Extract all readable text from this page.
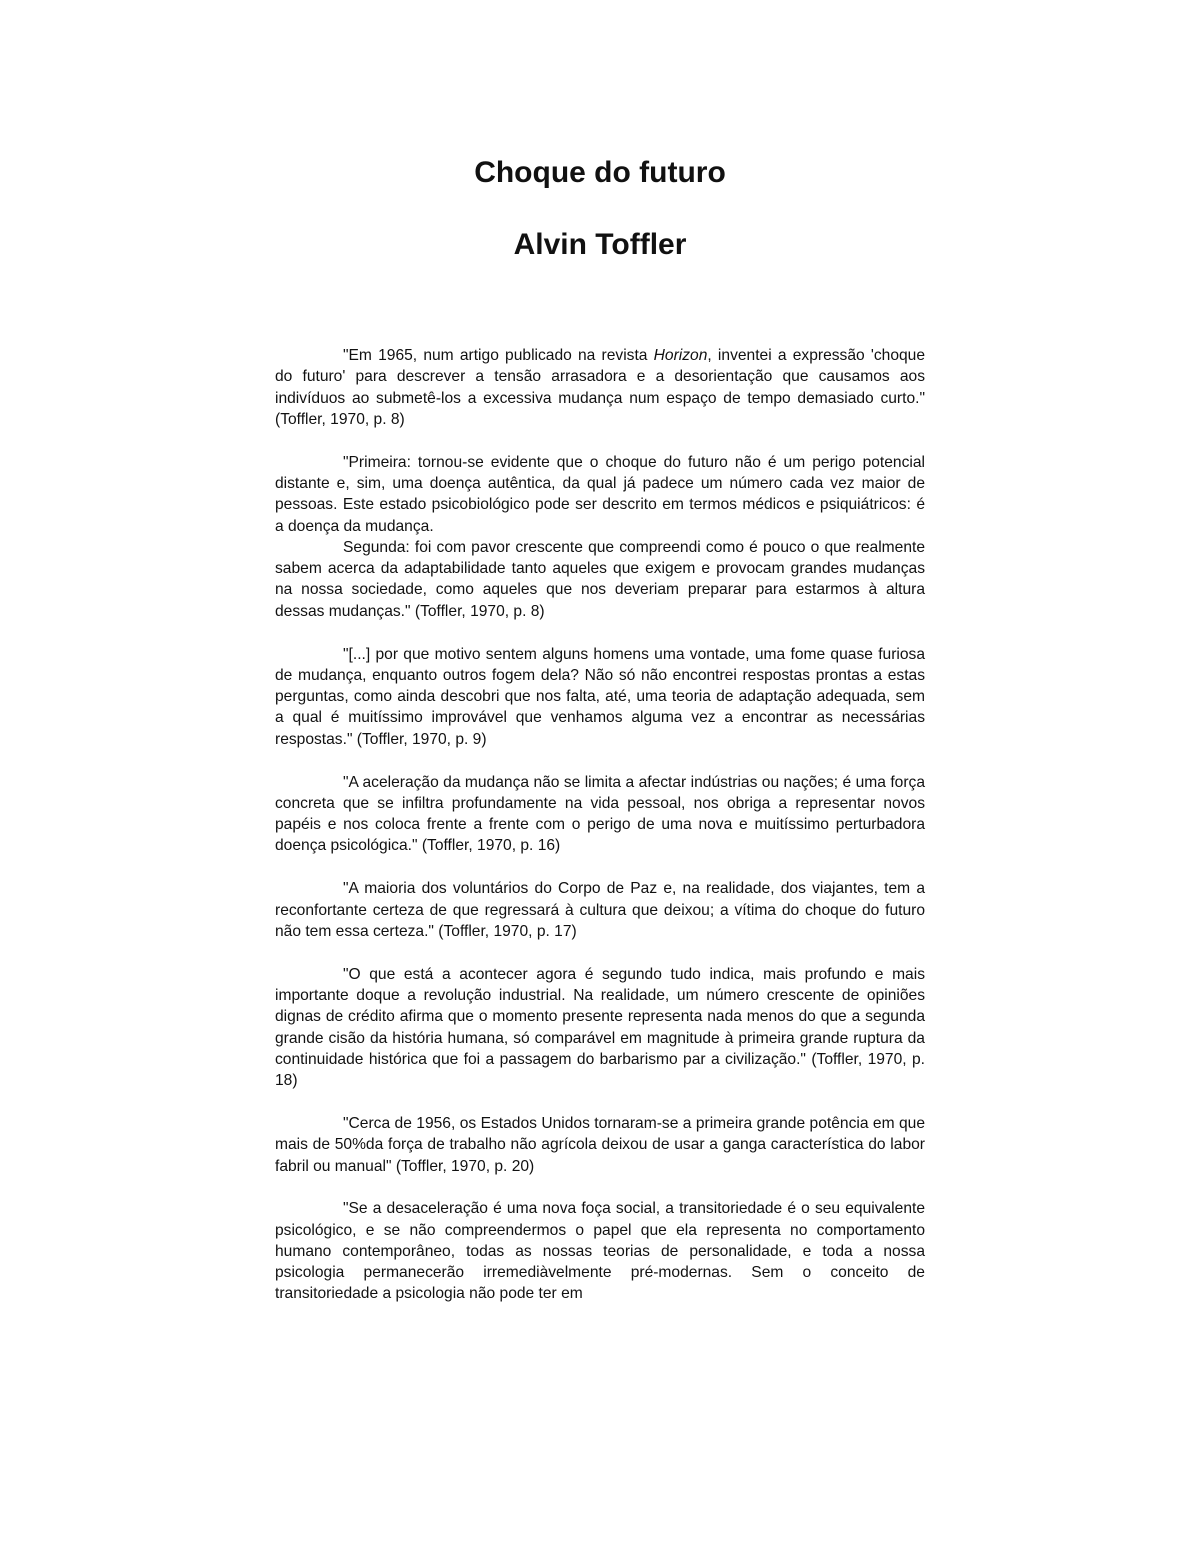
Choque do futuro
Alvin Toffler

"Em 1965, num artigo publicado na revista Horizon, inventei a expressão 'choque do futuro' para descrever a tensão arrasadora e a desorientação que causamos aos indivíduos ao submetê-los a excessiva mudança num espaço de tempo demasiado curto." (Toffler, 1970, p. 8)

"Primeira: tornou-se evidente que o choque do futuro não é um perigo potencial distante e, sim, uma doença autêntica, da qual já padece um número cada vez maior de pessoas. Este estado psicobiológico pode ser descrito em termos médicos e psiquiátricos: é a doença da mudança.

Segunda: foi com pavor crescente que compreendi como é pouco o que realmente sabem acerca da adaptabilidade tanto aqueles que exigem e provocam grandes mudanças na nossa sociedade, como aqueles que nos deveriam preparar para estarmos à altura dessas mudanças." (Toffler, 1970, p. 8)

"[...] por que motivo sentem alguns homens uma vontade, uma fome quase furiosa de mudança, enquanto outros fogem dela? Não só não encontrei respostas prontas a estas perguntas, como ainda descobri que nos falta, até, uma teoria de adaptação adequada, sem a qual é muitíssimo improvável que venhamos alguma vez a encontrar as necessárias respostas." (Toffler, 1970, p. 9)

"A aceleração da mudança não se limita a afectar indústrias ou nações; é uma força concreta que se infiltra profundamente na vida pessoal, nos obriga a representar novos papéis e nos coloca frente a frente com o perigo de uma nova e muitíssimo perturbadora doença psicológica." (Toffler, 1970, p. 16)

"A maioria dos voluntários do Corpo de Paz e, na realidade, dos viajantes, tem a reconfortante certeza de que regressará à cultura que deixou; a vítima do choque do futuro não tem essa certeza." (Toffler, 1970, p. 17)

"O que está a acontecer agora é segundo tudo indica, mais profundo e mais importante doque a revolução industrial. Na realidade, um número crescente de opiniões dignas de crédito afirma que o momento presente representa nada menos do que a segunda grande cisão da história humana, só comparável em magnitude à primeira grande ruptura da continuidade histórica que foi a passagem do barbarismo par a civilização." (Toffler, 1970, p. 18)

"Cerca de 1956, os Estados Unidos tornaram-se a primeira grande potência em que mais de 50%da força de trabalho não agrícola deixou de usar a ganga característica do labor fabril ou manual" (Toffler, 1970, p. 20)

"Se a desaceleração é uma nova foça social, a transitoriedade é o seu equivalente psicológico, e se não compreendermos o papel que ela representa no comportamento humano contemporâneo, todas as nossas teorias de personalidade, e toda a nossa psicologia permanecerão irremediàvelmente pré-modernas. Sem o conceito de transitoriedade a psicologia não pode ter em
